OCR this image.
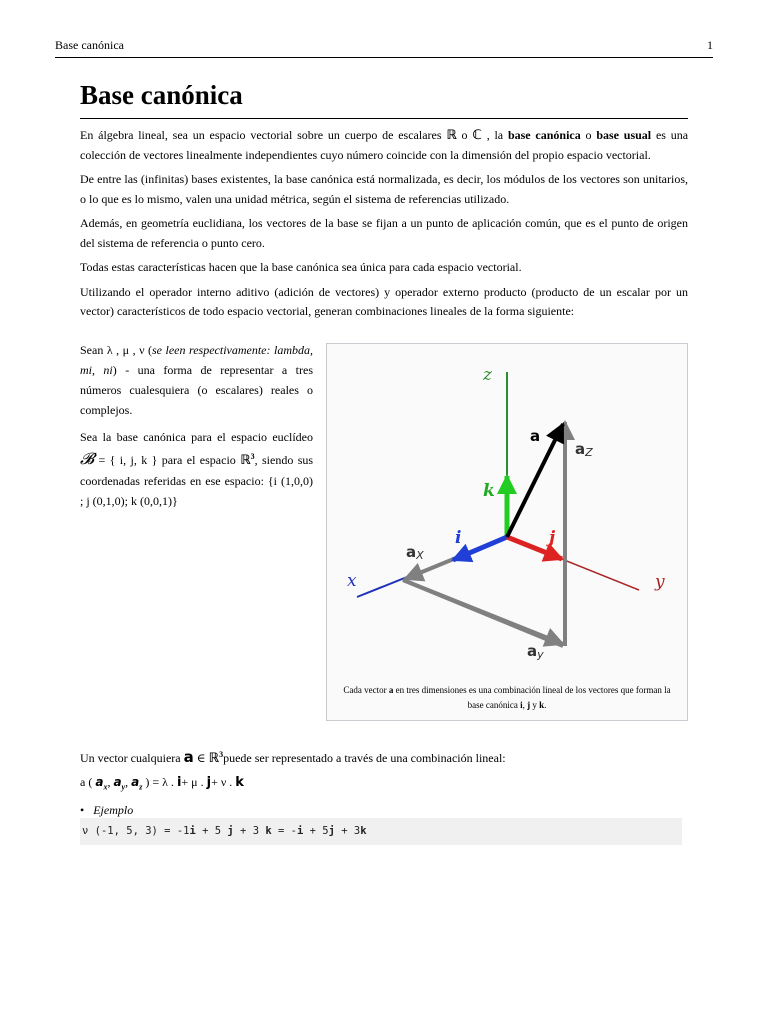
Base canónica	1
Base canónica

En álgebra lineal, sea un espacio vectorial sobre un cuerpo de escalares ℝ o ℂ , la base canónica o base usual es una colección de vectores linealmente independientes cuyo número coincide con la dimensión del propio espacio vectorial.

De entre las (infinitas) bases existentes, la base canónica está normalizada, es decir, los módulos de los vectores son unitarios, o lo que es lo mismo, valen una unidad métrica, según el sistema de referencias utilizado.

Además, en geometría euclidiana, los vectores de la base se fijan a un punto de aplicación común, que es el punto de origen del sistema de referencia o punto cero.

Todas estas características hacen que la base canónica sea única para cada espacio vectorial.

Utilizando el operador interno aditivo (adición de vectores) y operador externo producto (producto de un escalar por un vector) característicos de todo espacio vectorial, generan combinaciones lineales de la forma siguiente:

Sean λ , μ , ν (se leen respectivamente: lambda, mi, ni) - una forma de representar a tres números cualesquiera (o escalares) reales o complejos.

Sea la base canónica para el espacio euclídeo 𝓑 = { i, j, k } para el espacio ℝ$^3$, siendo sus coordenadas referidas en ese espacio: {i (1,0,0) ; j (0,1,0); k (0,0,1)}

z
y
x
k
i	j
a
aZ
aX
ay
Cada vector a en tres dimensiones es una combinación lineal de los vectores que forman la base canónica i, j y k.

Un vector cualquiera a ∈ ℝ$^3$puede ser representado a través de una combinación lineal:

a ( $a_x$, $a_y$, $a_z$ ) = λ . i+ μ . j+ ν . k

• Ejemplo

ν (-1, 5, 3) = -1i + 5 j + 3 k = -i + 5j + 3k
